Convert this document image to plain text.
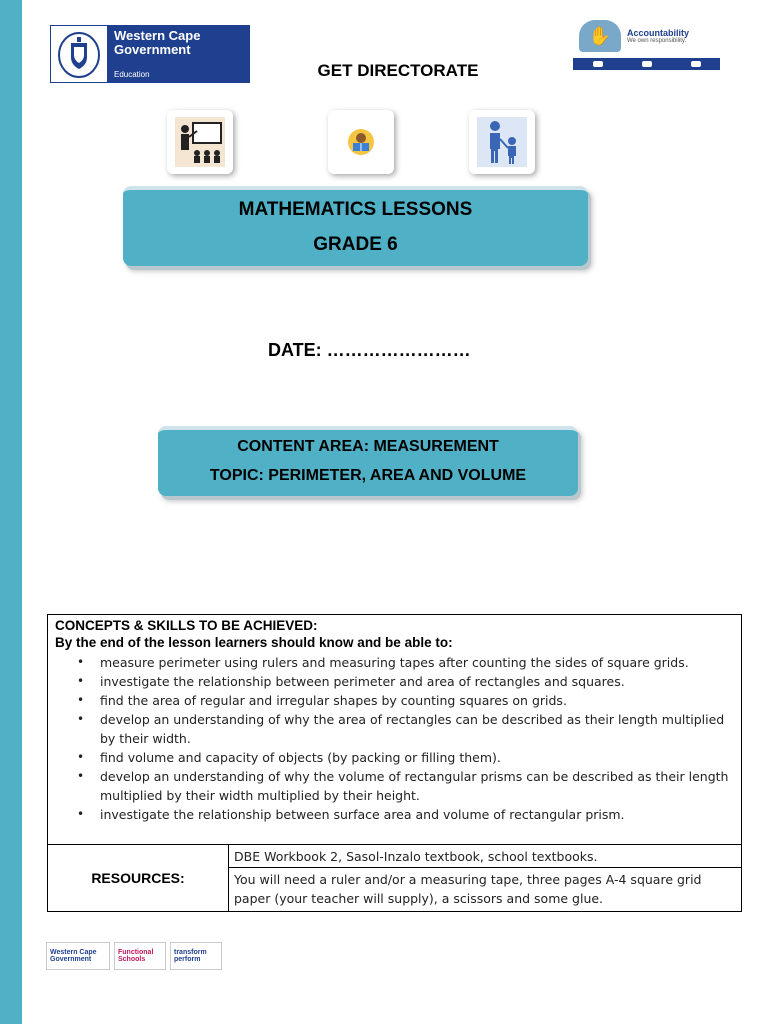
Western Cape
Government
Education
✋	Accountability
We own responsibility.
GET DIRECTORATE
MATHEMATICS LESSONS
GRADE 6
DATE: ……………………
CONTENT AREA: MEASUREMENT
TOPIC: PERIMETER, AREA AND VOLUME
CONCEPTS & SKILLS TO BE ACHIEVED:
By the end of the lesson learners should know and be able to:
• measure perimeter using rulers and measuring tapes after counting the sides of square grids.
• investigate the relationship between perimeter and area of rectangles and squares.
• find the area of regular and irregular shapes by counting squares on grids.
• develop an understanding of why the area of rectangles can be described as their length multiplied by their width.
• find volume and capacity of objects (by packing or filling them).
• develop an understanding of why the volume of rectangular prisms can be described as their length multiplied by their width multiplied by their height.
• investigate the relationship between surface area and volume of rectangular prism.
RESOURCES:
DBE Workbook 2, Sasol-Inzalo textbook, school textbooks.
You will need a ruler and/or a measuring tape, three pages A-4 square grid paper (your teacher will supply), a scissors and some glue.
Western Cape Government
Functional Schools
transform perform
